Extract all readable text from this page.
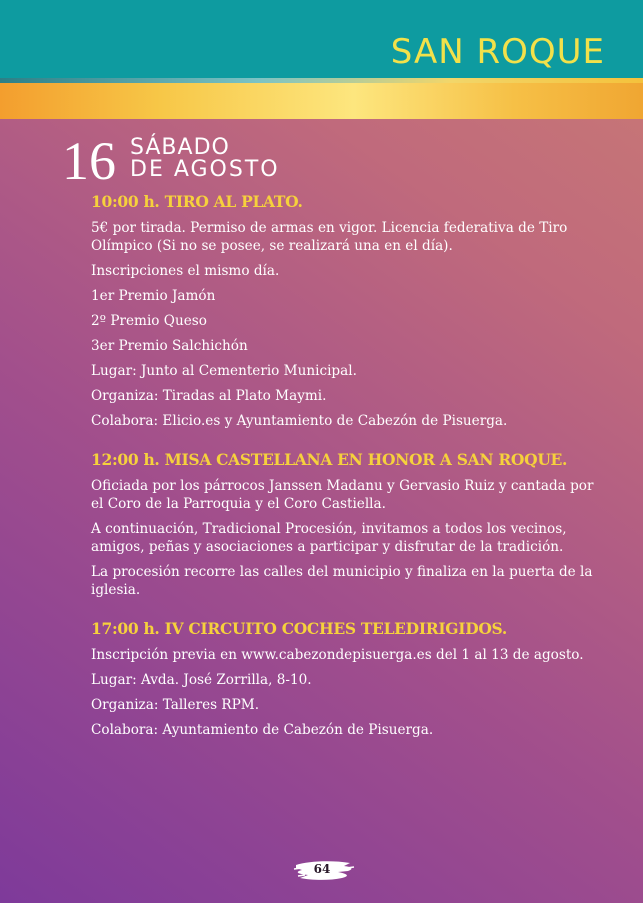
SAN ROQUE
16 SÁBADO
DE AGOSTO
10:00 h. TIRO AL PLATO.
5€ por tirada. Permiso de armas en vigor. Licencia federativa de Tiro Olímpico (Si no se posee, se realizará una en el día).
Inscripciones el mismo día.
1er Premio Jamón
2º Premio Queso
3er Premio Salchichón
Lugar: Junto al Cementerio Municipal.
Organiza: Tiradas al Plato Maymi.
Colabora: Elicio.es y Ayuntamiento de Cabezón de Pisuerga.
12:00 h. MISA CASTELLANA EN HONOR A SAN ROQUE.
Oficiada por los párrocos Janssen Madanu y Gervasio Ruiz y cantada por el Coro de la Parroquia y el Coro Castiella.
A continuación, Tradicional Procesión, invitamos a todos los vecinos, amigos, peñas y asociaciones a participar y disfrutar de la tradición.
La procesión recorre las calles del municipio y finaliza en la puerta de la iglesia.
17:00 h. IV CIRCUITO COCHES TELEDIRIGIDOS.
Inscripción previa en www.cabezondepisuerga.es del 1 al 13 de agosto.
Lugar: Avda. José Zorrilla, 8-10.
Organiza: Talleres RPM.
Colabora: Ayuntamiento de Cabezón de Pisuerga.
64
